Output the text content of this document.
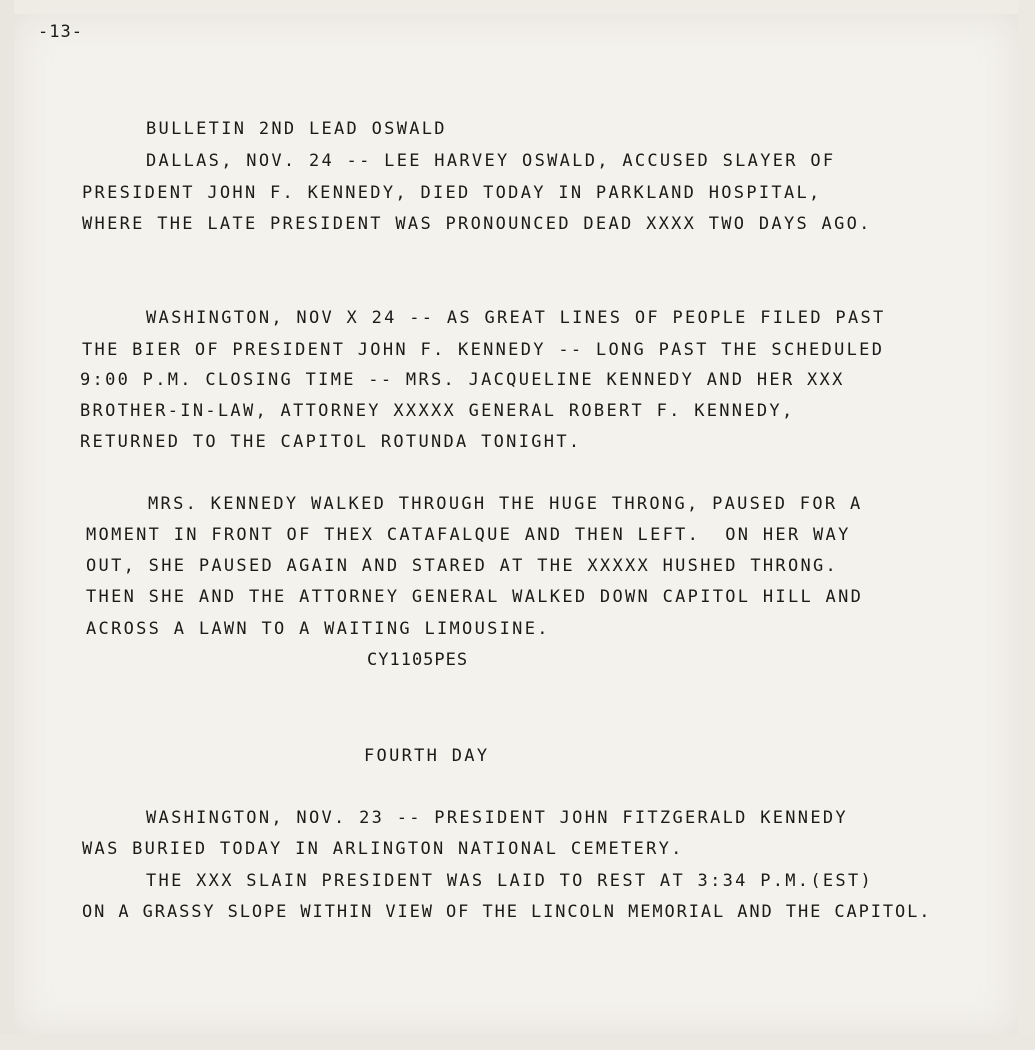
-13-
BULLETIN 2ND LEAD OSWALD
DALLAS, NOV. 24 -- LEE HARVEY OSWALD, ACCUSED SLAYER OF
PRESIDENT JOHN F. KENNEDY, DIED TODAY IN PARKLAND HOSPITAL,
WHERE THE LATE PRESIDENT WAS PRONOUNCED DEAD XXXX TWO DAYS AGO.
WASHINGTON, NOV X 24 -- AS GREAT LINES OF PEOPLE FILED PAST
THE BIER OF PRESIDENT JOHN F. KENNEDY -- LONG PAST THE SCHEDULED
9:00 P.M. CLOSING TIME -- MRS. JACQUELINE KENNEDY AND HER XXX
BROTHER-IN-LAW, ATTORNEY XXXXX GENERAL ROBERT F. KENNEDY,
RETURNED TO THE CAPITOL ROTUNDA TONIGHT.
MRS. KENNEDY WALKED THROUGH THE HUGE THRONG, PAUSED FOR A
MOMENT IN FRONT OF THEX CATAFALQUE AND THEN LEFT.  ON HER WAY
OUT, SHE PAUSED AGAIN AND STARED AT THE XXXXX HUSHED THRONG.
THEN SHE AND THE ATTORNEY GENERAL WALKED DOWN CAPITOL HILL AND
ACROSS A LAWN TO A WAITING LIMOUSINE.
CY1105PES
FOURTH DAY
WASHINGTON, NOV. 23 -- PRESIDENT JOHN FITZGERALD KENNEDY
WAS BURIED TODAY IN ARLINGTON NATIONAL CEMETERY.
THE XXX SLAIN PRESIDENT WAS LAID TO REST AT 3:34 P.M.(EST)
ON A GRASSY SLOPE WITHIN VIEW OF THE LINCOLN MEMORIAL AND THE CAPITOL.
